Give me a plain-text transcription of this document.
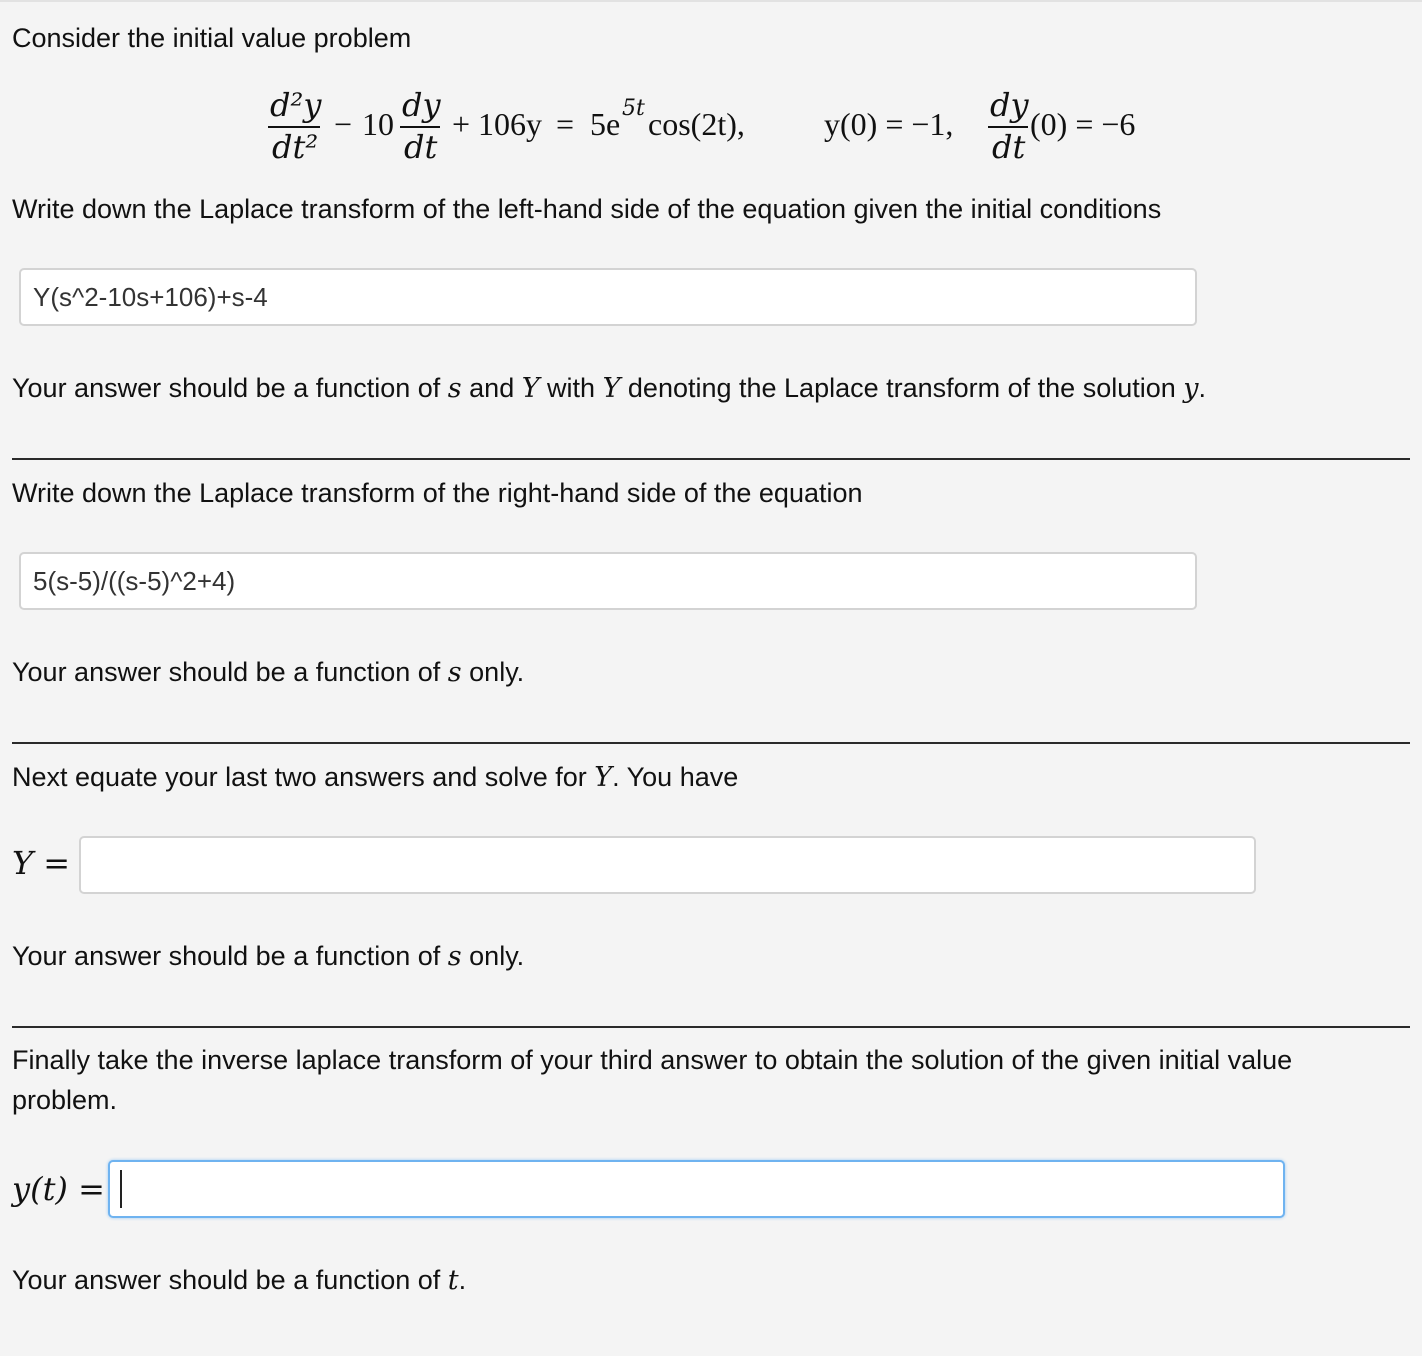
Consider the initial value problem
d²y
dt²
− 10 dy
dt
+ 106y = 5e 5t cos(2t), y(0) = −1, dy
dt
(0) = −6
Write down the Laplace transform of the left-hand side of the equation given the initial conditions
Y(s^2-10s+106)+s-4
Your answer should be a function of s and Y with Y denoting the Laplace transform of the solution y.
Write down the Laplace transform of the right-hand side of the equation
5(s-5)/((s-5)^2+4)
Your answer should be a function of s only.
Next equate your last two answers and solve for Y. You have
Y =
Your answer should be a function of s only.
Finally take the inverse laplace transform of your third answer to obtain the solution of the given initial value problem.
y(t) =
Your answer should be a function of t.
